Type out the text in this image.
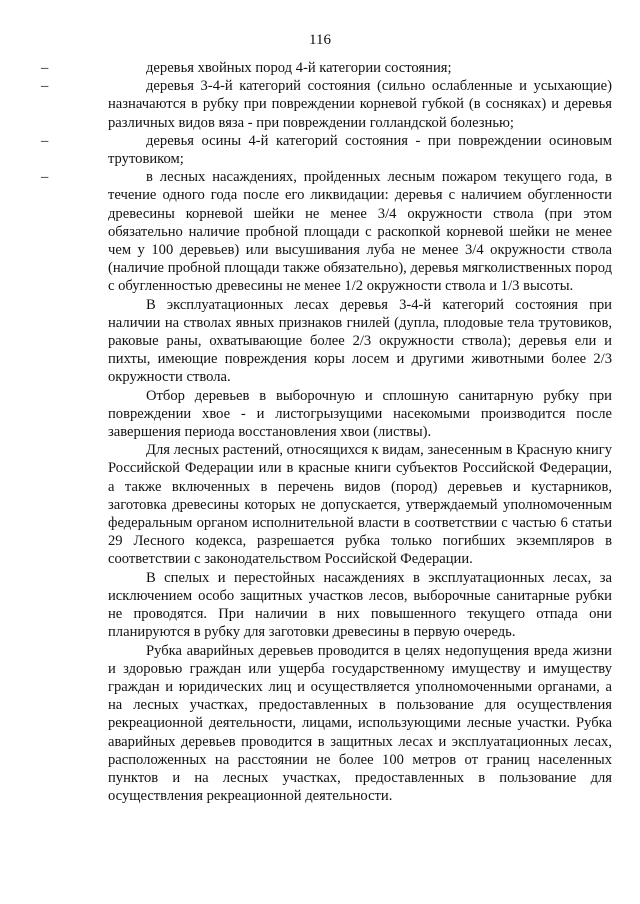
116

–	деревья хвойных пород 4-й категории состояния;

–	деревья 3-4-й категорий состояния (сильно ослабленные и усыхающие) назначаются в рубку при повреждении корневой губкой (в сосняках) и деревья различных видов вяза - при повреждении голландской болезнью;

–	деревья осины 4-й категорий состояния - при повреждении осиновым трутовиком;

–	в лесных насаждениях, пройденных лесным пожаром текущего года, в течение одного года после его ликвидации: деревья с наличием обугленности древесины корневой шейки не менее 3/4 окружности ствола (при этом обязательно наличие пробной площади с раскопкой корневой шейки не менее чем у 100 деревьев) или высушивания луба не менее 3/4 окружности ствола (наличие пробной площади также обязательно), деревья мягколиственных пород с обугленностью древесины не менее 1/2 окружности ствола и 1/3 высоты.

В эксплуатационных лесах деревья 3-4-й категорий состояния при наличии на стволах явных признаков гнилей (дупла, плодовые тела трутовиков, раковые раны, охватывающие более 2/3 окружности ствола); деревья ели и пихты, имеющие повреждения коры лосем и другими животными более 2/3 окружности ствола.

Отбор деревьев в выборочную и сплошную санитарную рубку при повреждении хвое - и листогрызущими насекомыми производится после завершения периода восстановления хвои (листвы).

Для лесных растений, относящихся к видам, занесенным в Красную книгу Российской Федерации или в красные книги субъектов Российской Федерации, а также включенных в перечень видов (пород) деревьев и кустарников, заготовка древесины которых не допускается, утверждаемый уполномоченным федеральным органом исполнительной власти в соответствии с частью 6 статьи 29 Лесного кодекса, разрешается рубка только погибших экземпляров в соответствии с законодательством Российской Федерации.

В спелых и перестойных насаждениях в эксплуатационных лесах, за исключением особо защитных участков лесов, выборочные санитарные рубки не проводятся. При наличии в них повышенного текущего отпада они планируются в рубку для заготовки древесины в первую очередь.

Рубка аварийных деревьев проводится в целях недопущения вреда жизни и здоровью граждан или ущерба государственному имуществу и имуществу граждан и юридических лиц и осуществляется уполномоченными органами, а на лесных участках, предоставленных в пользование для осуществления рекреационной деятельности, лицами, использующими лесные участки. Рубка аварийных деревьев проводится в защитных лесах и эксплуатационных лесах, расположенных на расстоянии не более 100 метров от границ населенных пунктов и на лесных участках, предоставленных в пользование для осуществления рекреационной деятельности.
